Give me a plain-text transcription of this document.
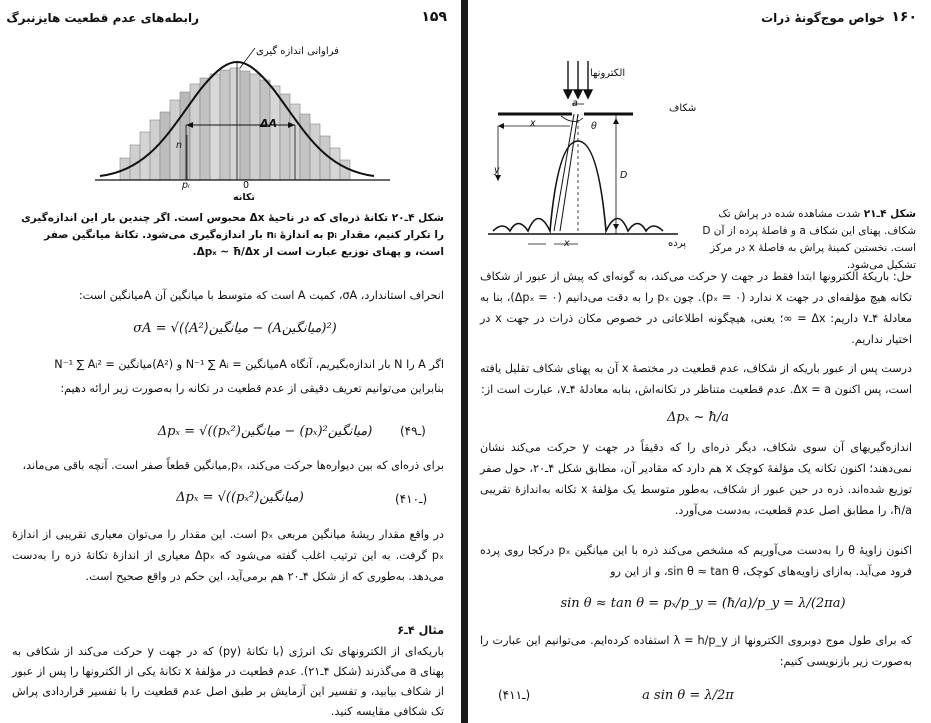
رابطه‌های عدم قطعیت هایزنبرگ	۱۵۹
فراوانی اندازه گیری
ΔA
n
pᵢ	0
تکانه
شکل ۴ـ۲۰ تکانهٔ ذره‌ای که در ناحیهٔ Δx محبوس است. اگر چندین بار این اندازه‌گیری را تکرار کنیم، مقدار pᵢ به اندازهٔ nᵢ بار اندازه‌گیری می‌شود. تکانهٔ میانگین صفر است، و پهنای توزیع عبارت است از Δpₓ ~ ħ/Δx.
انحراف استاندارد، σA، کمیت A است که متوسط با میانگین آن Aمیانگین است:
σA = √(⟨A²⟩میانگین − (Aمیانگین)²)
اگر A را N بار اندازه‌بگیریم، آنگاه Aمیانگین = N⁻¹ ∑ Aᵢ و (A²)میانگین = N⁻¹ ∑ Aᵢ²
بنابراین می‌توانیم تعریف دقیقی از عدم قطعیت در تکانه را به‌صورت زیر ارائه دهیم:
Δpₓ = √((pₓ²)میانگین − (pₓ)²میانگین)	(۴ـ۹)
برای ذره‌ای که بین دیواره‌ها حرکت می‌کند، pₓ,میانگین قطعاً صفر است. آنچه باقی می‌ماند،
Δpₓ = √((pₓ²)میانگین)	(۴ـ۱۰)
در واقع مقدار ریشهٔ میانگین مربعی pₓ است. این مقدار را می‌توان معیاری تقریبی از اندازهٔ pₓ گرفت. به این ترتیب اغلب گفته می‌شود که Δpₓ معیاری از اندازهٔ تکانهٔ ذره را به‌دست می‌دهد. به‌طوری که از شکل ۴ـ۲۰ هم برمی‌آید، این حکم در واقع صحیح است.
مثال ۴ـ۶
باریکه‌ای از الکترونهای تک انرژی (با تکانهٔ (py) که در جهت y حرکت می‌کند از شکافی به پهنای a می‌گذرند (شکل ۴ـ۲۱). عدم قطعیت در مؤلفهٔ x تکانهٔ یکی از الکترونها را پس از عبور از شکاف بیابید، و تفسیر این آزمایش بر طبق اصل عدم قطعیت را با تفسیر قراردادی پراش تک شکافی مقایسه کنید.
۱۶۰
خواص موج‌گونهٔ ذرات
الکترونها
شکاف
a
x
y
θ
D
پرده
x
شکل ۴ـ۲۱ شدت مشاهده شده در پراش تک شکاف. پهنای این شکاف a و فاصلهٔ پرده از آن D است. نخستین کمینهٔ پراش به فاصلهٔ x در مرکز تشکیل می‌شود.
حل: باریکهٔ الکترونها ابتدا فقط در جهت y حرکت می‌کند، به گونه‌ای که پیش از عبور از شکاف تکانه هیچ مؤلفه‌ای در جهت x ندارد (pₓ = ۰). چون pₓ را به دقت می‌دانیم (Δpₓ = ۰)، بنا به معادلهٔ ۴ـ۷ داریم: Δx = ∞؛ یعنی، هیچگونه اطلاعاتی در خصوص مکان ذرات در جهت x در اختیار نداریم.
درست پس از عبور باریکه از شکاف، عدم قطعیت در مختصهٔ x آن به پهنای شکاف تقلیل یافته است، پس اکنون Δx = a. عدم قطعیت متناظر در تکانه‌اش، بنابه معادلهٔ ۴ـ۷، عبارت است از:
Δpₓ ~ ħ/a
اندازه‌گیریهای آن سوی شکاف، دیگر ذره‌ای را که دقیقاً در جهت y حرکت می‌کند نشان نمی‌دهند؛ اکنون تکانه یک مؤلفهٔ کوچک x هم دارد که مقادیر آن، مطابق شکل ۴ـ۲۰، حول صفر توزیع شده‌اند. ذره در حین عبور از شکاف، به‌طور متوسط یک مؤلفهٔ x تکانه به‌اندازهٔ تقریبی ħ/a، را مطابق اصل عدم قطعیت، به‌دست می‌آورد.
اکنون زاویهٔ θ را به‌دست می‌آوریم که مشخص می‌کند ذره با این میانگین pₓ درکجا روی پرده فرود می‌آید. به‌ازای زاویه‌های کوچک، sin θ ≈ tan θ، و از این رو
sin θ ≈ tan θ = pₓ/p_y = (ħ/a)/p_y = λ/(2πa)
که برای طول موج دوبروی الکترونها از λ = h/p_y استفاده کرده‌ایم. می‌توانیم این عبارت را به‌صورت زیر بازنویسی کنیم:
a sin θ = λ/2π
(۴ـ۱۱)
